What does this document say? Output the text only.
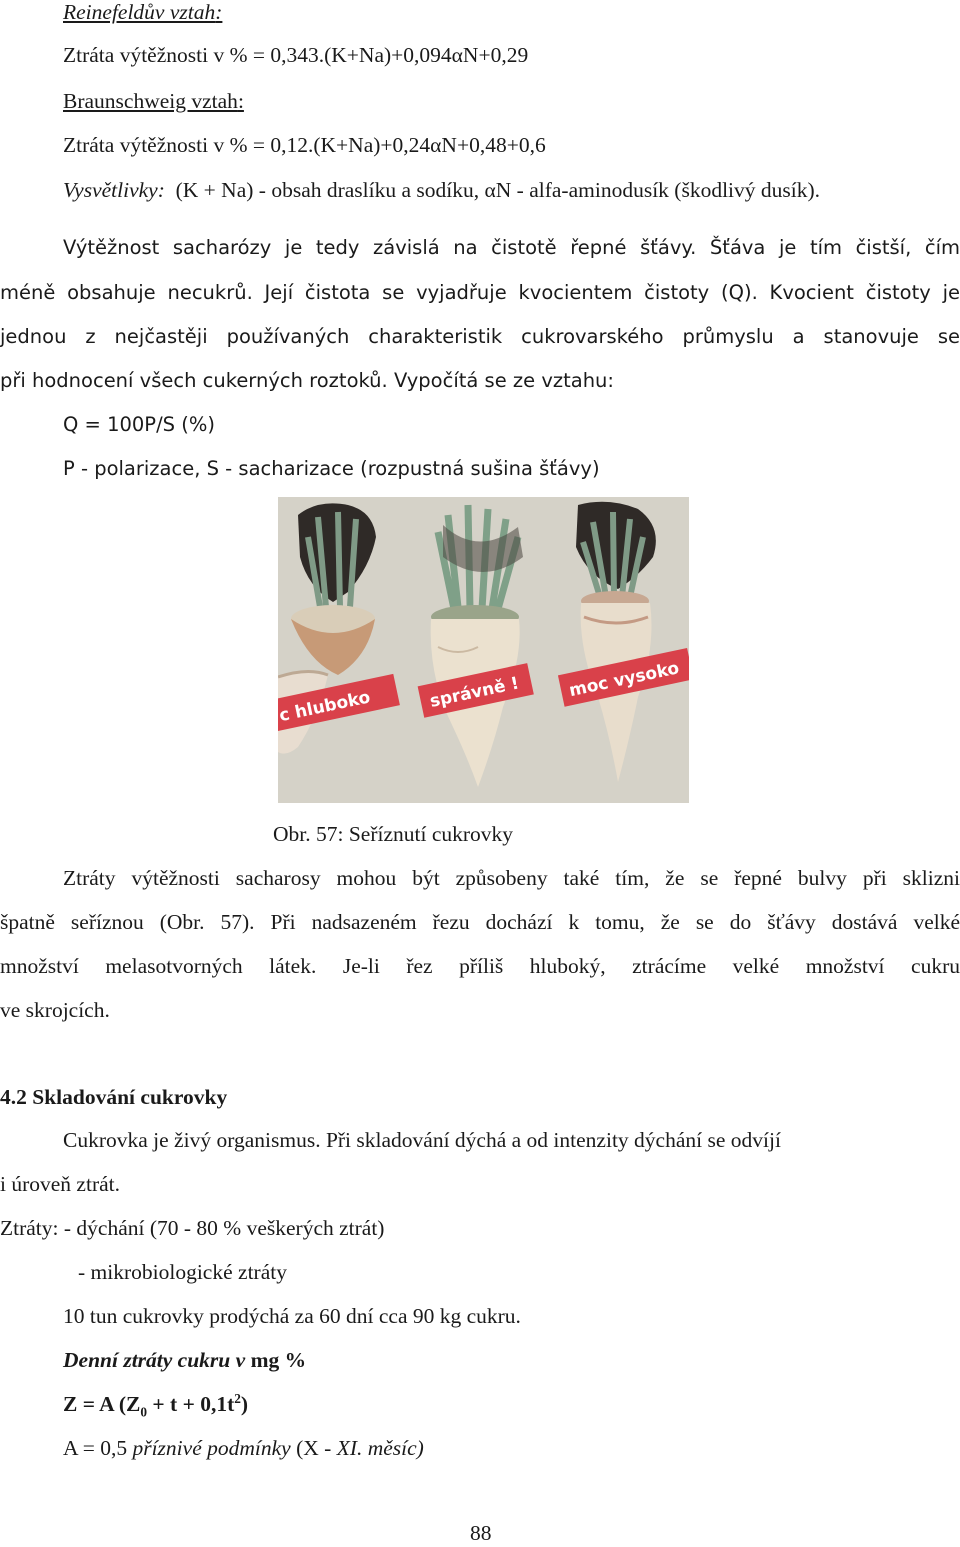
Reinefeldův vztah:
Ztráta výtěžnosti v % = 0,343.(K+Na)+0,094αN+0,29
Braunschweig vztah:
Ztráta výtěžnosti v % = 0,12.(K+Na)+0,24αN+0,48+0,6
Vysvětlivky: (K + Na) - obsah draslíku a sodíku, αN - alfa-aminodusík (škodlivý dusík).
Výtěžnost sacharózy je tedy závislá na čistotě řepné šťávy. Šťáva je tím čistší, čím
méně obsahuje necukrů. Její čistota se vyjadřuje kvocientem čistoty (Q). Kvocient čistoty je
jednou z nejčastěji používaných charakteristik cukrovarského průmyslu a stanovuje se
při hodnocení všech cukerných roztoků. Vypočítá se ze vztahu:
Q = 100P/S (%)
P - polarizace, S - sacharizace (rozpustná sušina šťávy)
c hluboko	správně !	moc vysoko
Obr. 57: Seříznutí cukrovky
Ztráty výtěžnosti sacharosy mohou být způsobeny také tím, že se řepné bulvy při sklizni
špatně seříznou (Obr. 57). Při nadsazeném řezu dochází k tomu, že se do šťávy dostává velké
množství melasotvorných látek. Je-li řez příliš hluboký, ztrácíme velké množství cukru
ve skrojcích.
4.2 Skladování cukrovky
Cukrovka je živý organismus. Při skladování dýchá a od intenzity dýchání se odvíjí
i úroveň ztrát.
Ztráty: - dýchání (70 - 80 % veškerých ztrát)
- mikrobiologické ztráty
10 tun cukrovky prodýchá za 60 dní cca 90 kg cukru.
Denní ztráty cukru v mg %
Z = A $(Z_0 + t + 0,1t^2)$
A = 0,5 příznivé podmínky (X - XI. měsíc)
88
